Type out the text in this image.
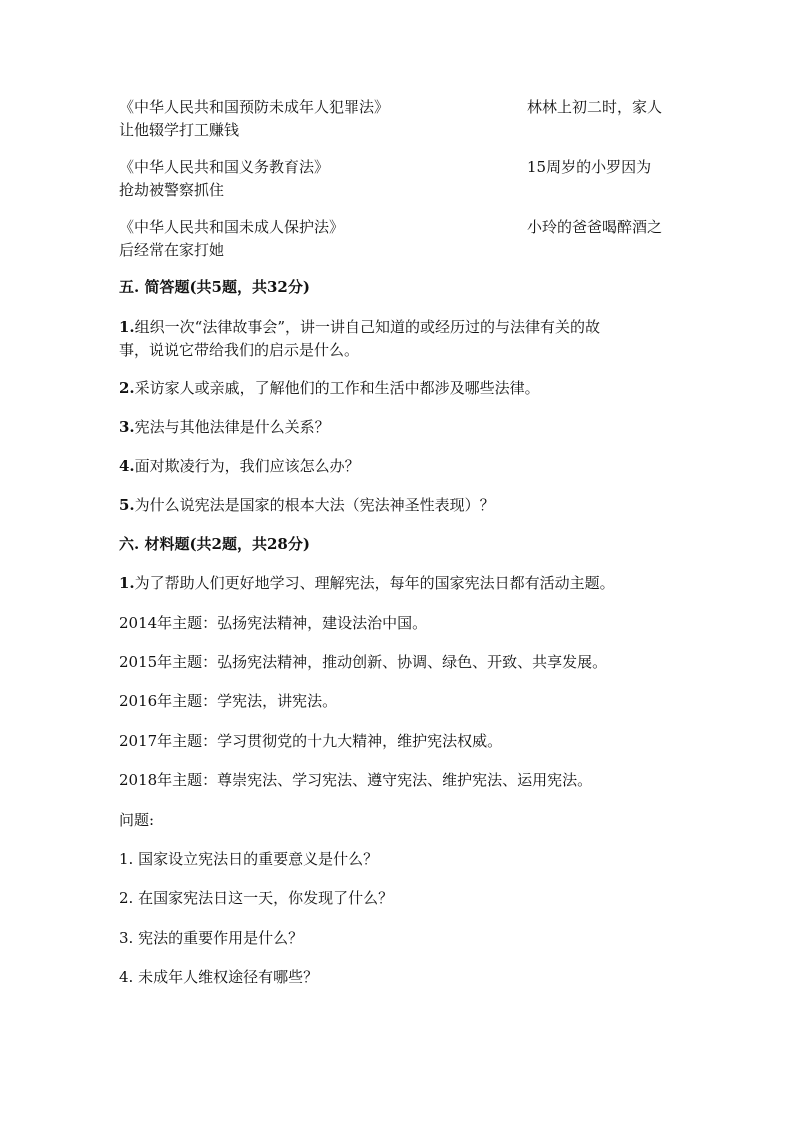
《中华人民共和国预防未成年人犯罪法》	林林上初二时，家人
让他辍学打工赚钱
《中华人民共和国义务教育法》	15周岁的小罗因为
抢劫被警察抓住
《中华人民共和国未成人保护法》	小玲的爸爸喝醉酒之
后经常在家打她
五. 简答题(共5题，共32分)
1.组织一次“法律故事会”，讲一讲自己知道的或经历过的与法律有关的故
事，说说它带给我们的启示是什么。
2.采访家人或亲戚，了解他们的工作和生活中都涉及哪些法律。
3.宪法与其他法律是什么关系？
4.面对欺凌行为，我们应该怎么办？
5.为什么说宪法是国家的根本大法（宪法神圣性表现）？
六. 材料题(共2题，共28分)
1.为了帮助人们更好地学习、理解宪法，每年的国家宪法日都有活动主题。
2014年主题：弘扬宪法精神，建设法治中国。
2015年主题：弘扬宪法精神，推动创新、协调、绿色、开致、共享发展。
2016年主题：学宪法，讲宪法。
2017年主题：学习贯彻党的十九大精神，维护宪法权威。
2018年主题：尊崇宪法、学习宪法、遵守宪法、维护宪法、运用宪法。
问题:
1. 国家设立宪法日的重要意义是什么？
2. 在国家宪法日这一天，你发现了什么？
3. 宪法的重要作用是什么？
4. 未成年人维权途径有哪些？
